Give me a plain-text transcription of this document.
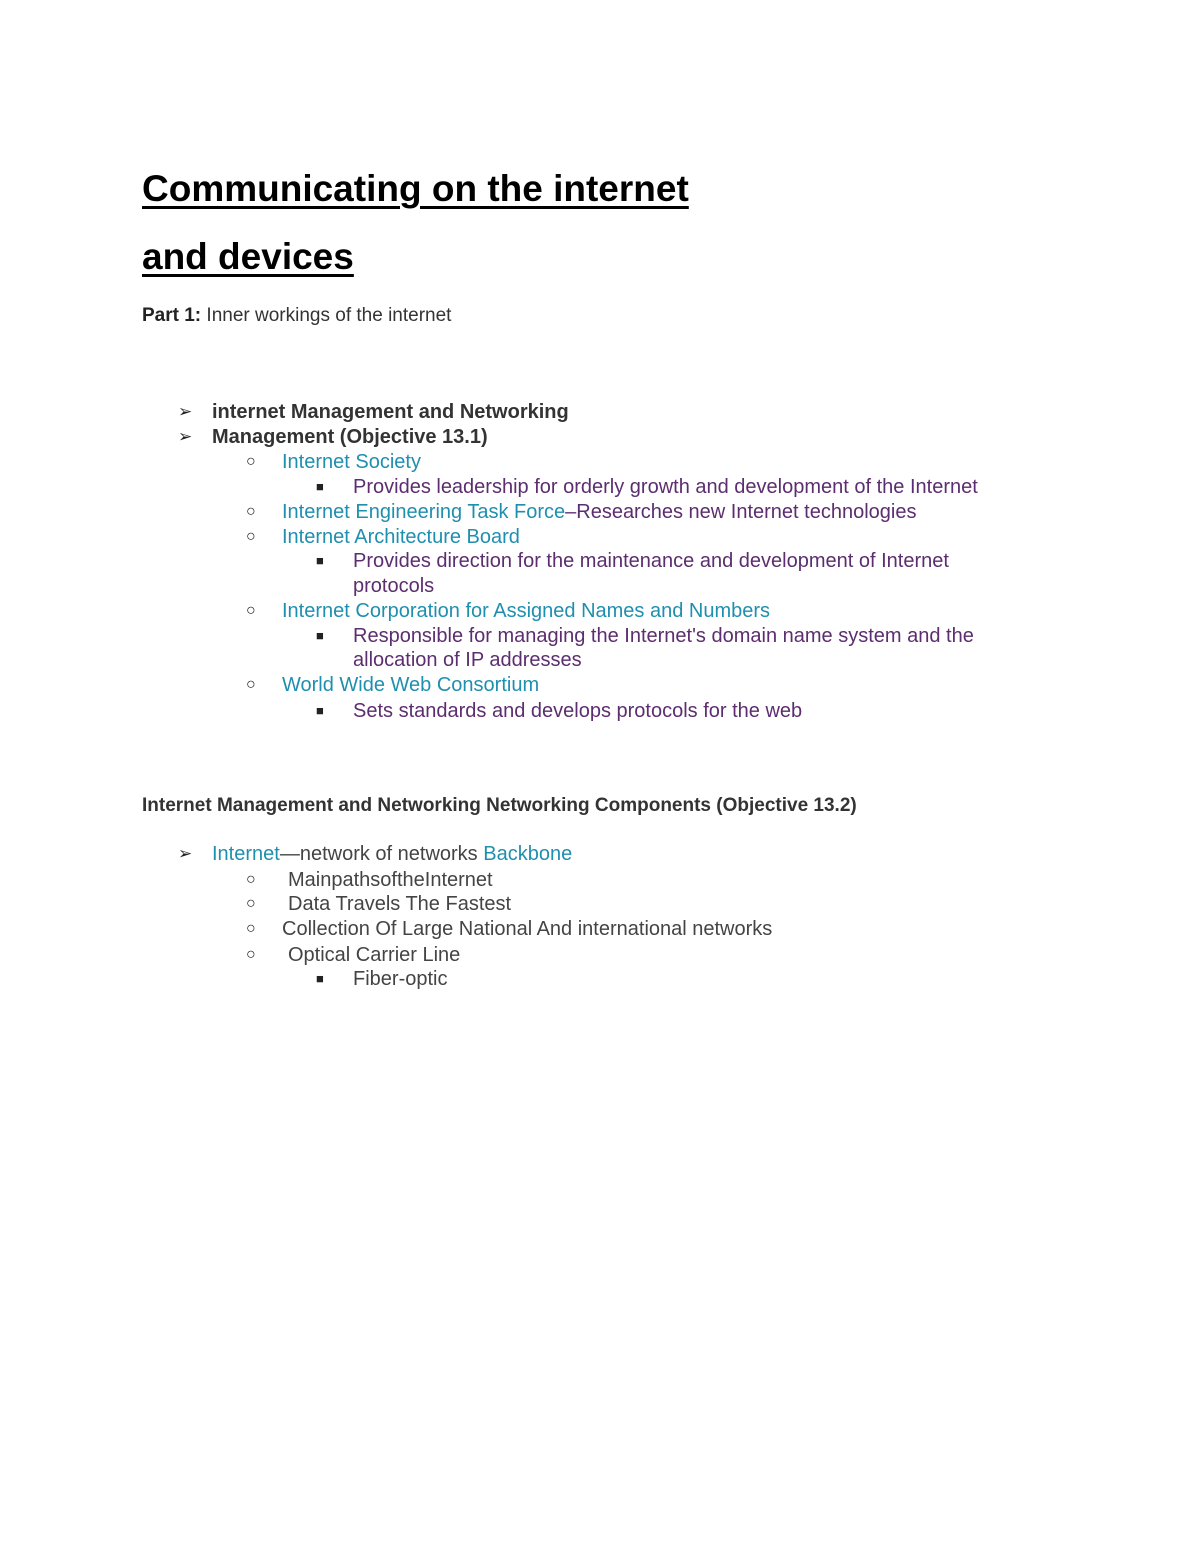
Communicating on the internet
and devices
Part 1: Inner workings of the internet
➢ internet Management and Networking
➢ Management (Objective 13.1)
○ Internet Society
■ Provides leadership for orderly growth and development of the Internet
○ Internet Engineering Task Force–Researches new Internet technologies
○ Internet Architecture Board
■ Provides direction for the maintenance and development of Internet
protocols
○ Internet Corporation for Assigned Names and Numbers
■ Responsible for managing the Internet's domain name system and the
allocation of IP addresses
○ World Wide Web Consortium
■ Sets standards and develops protocols for the web
Internet Management and Networking Networking Components (Objective 13.2)
➢ Internet—network of networks Backbone
○ MainpathsoftheInternet
○ Data Travels The Fastest
○ Collection Of Large National And international networks
○ Optical Carrier Line
■ Fiber-optic
